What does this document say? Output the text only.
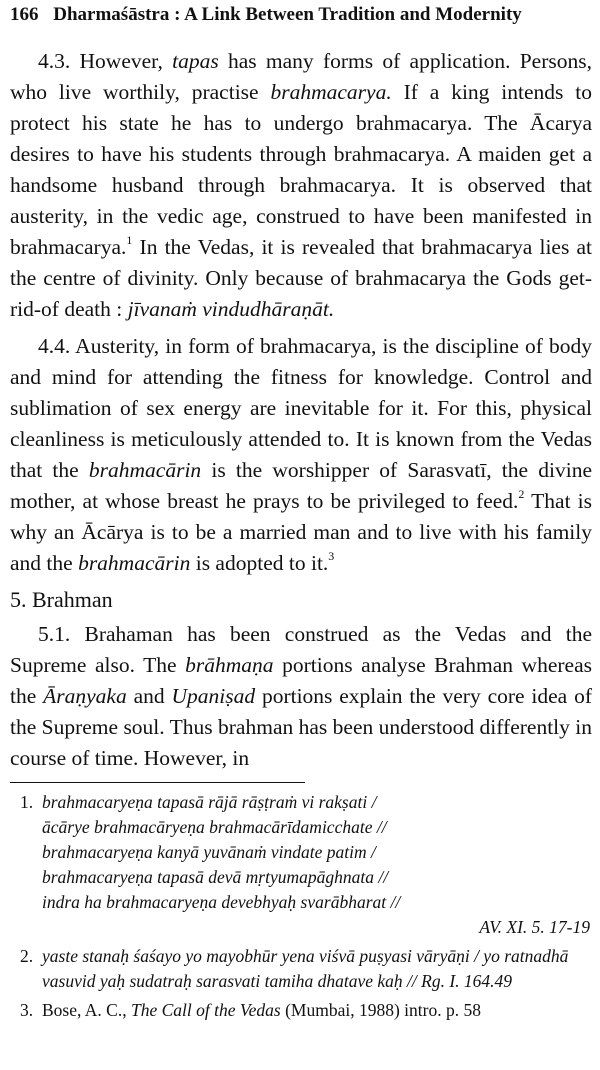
166 Dharmaśāstra : A Link Between Tradition and Modernity

4.3. However, tapas has many forms of application. Persons, who live worthily, practise brahmacarya. If a king intends to protect his state he has to undergo brahmacarya. The Ācarya desires to have his students through brahmacarya. A maiden get a handsome husband through brahmacarya. It is observed that austerity, in the vedic age, construed to have been manifested in brahmacarya.$^1$ In the Vedas, it is revealed that brahmacarya lies at the centre of divinity. Only because of brahmacarya the Gods get-rid-of death : jīvanaṁ vindudhāraṇāt.

4.4. Austerity, in form of brahmacarya, is the discipline of body and mind for attending the fitness for knowledge. Control and sublimation of sex energy are inevitable for it. For this, physical cleanliness is meticulously attended to. It is known from the Vedas that the brahmacārin is the worshipper of Sarasvatī, the divine mother, at whose breast he prays to be privileged to feed.$^2$ That is why an Ācārya is to be a married man and to live with his family and the brahmacārin is adopted to it.$^3$

5. Brahman

5.1. Brahaman has been construed as the Vedas and the Supreme also. The brāhmaṇa portions analyse Brahman whereas the Āraṇyaka and Upaniṣad portions explain the very core idea of the Supreme soul. Thus brahman has been understood differently in course of time. However, in

1. brahmacaryeṇa tapasā rājā rāṣṭraṁ vi rakṣati /
ācārye brahmacāryeṇa brahmacārīdamicchate //
brahmacaryeṇa kanyā yuvānaṁ vindate patim /
brahmacaryeṇa tapasā devā mṛtyumapāghnata //
indra ha brahmacaryeṇa devebhyaḥ svarābharat //
AV. XI. 5. 17-19
2. yaste stanaḥ śaśayo yo mayobhūr yena viśvā puṣyasi vāryāṇi / yo ratnadhā vasuvid yaḥ sudatraḥ sarasvati tamiha dhatave kaḥ // Rg. I. 164.49
3. Bose, A. C., The Call of the Vedas (Mumbai, 1988) intro. p. 58
